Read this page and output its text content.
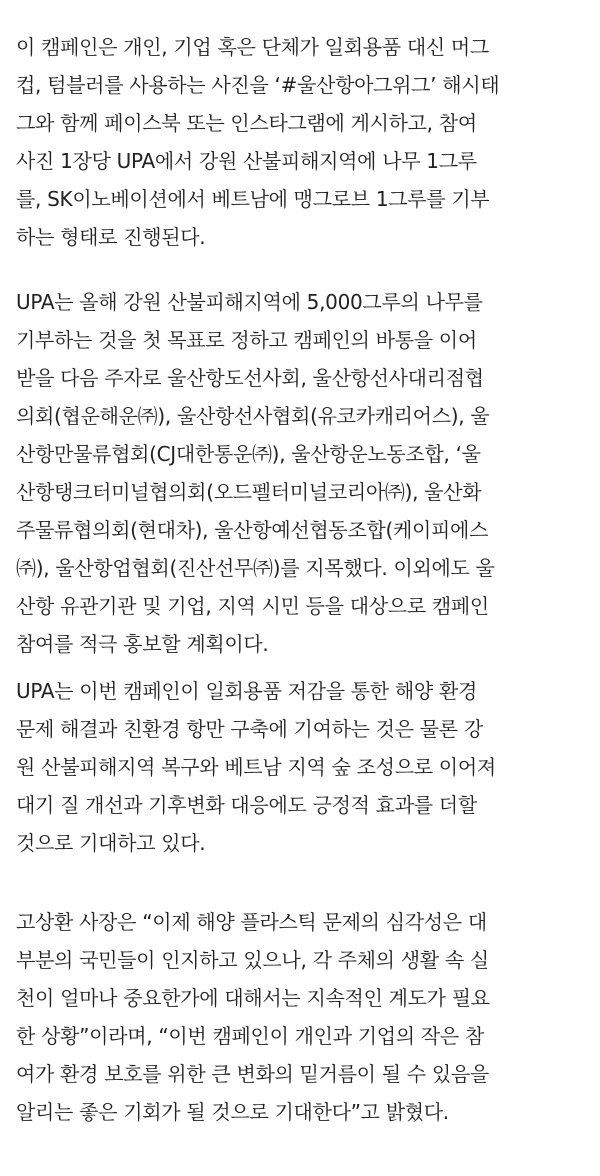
이 캠페인은 개인, 기업 혹은 단체가 일회용품 대신 머그
컵, 텀블러를 사용하는 사진을 ‘#울산항아그위그’ 해시태
그와 함께 페이스북 또는 인스타그램에 게시하고, 참여
사진 1장당 UPA에서 강원 산불피해지역에 나무 1그루
를, SK이노베이션에서 베트남에 맹그로브 1그루를 기부
하는 형태로 진행된다.
UPA는 올해 강원 산불피해지역에 5,000그루의 나무를
기부하는 것을 첫 목표로 정하고 캠페인의 바통을 이어
받을 다음 주자로 울산항도선사회, 울산항선사대리점협
의회(협운해운㈜), 울산항선사협회(유코카캐리어스), 울
산항만물류협회(CJ대한통운㈜), 울산항운노동조합, ‘울
산항탱크터미널협의회(오드펠터미널코리아㈜), 울산화
주물류협의회(현대차), 울산항예선협동조합(케이피에스
㈜), 울산항업협회(진산선무㈜)를 지목했다. 이외에도 울
산항 유관기관 및 기업, 지역 시민 등을 대상으로 캠페인
참여를 적극 홍보할 계획이다.
UPA는 이번 캠페인이 일회용품 저감을 통한 해양 환경
문제 해결과 친환경 항만 구축에 기여하는 것은 물론 강
원 산불피해지역 복구와 베트남 지역 숲 조성으로 이어져
대기 질 개선과 기후변화 대응에도 긍정적 효과를 더할
것으로 기대하고 있다.
고상환 사장은 “이제 해양 플라스틱 문제의 심각성은 대
부분의 국민들이 인지하고 있으나, 각 주체의 생활 속 실
천이 얼마나 중요한가에 대해서는 지속적인 계도가 필요
한 상황”이라며, “이번 캠페인이 개인과 기업의 작은 참
여가 환경 보호를 위한 큰 변화의 밑거름이 될 수 있음을
알리는 좋은 기회가 될 것으로 기대한다”고 밝혔다.
